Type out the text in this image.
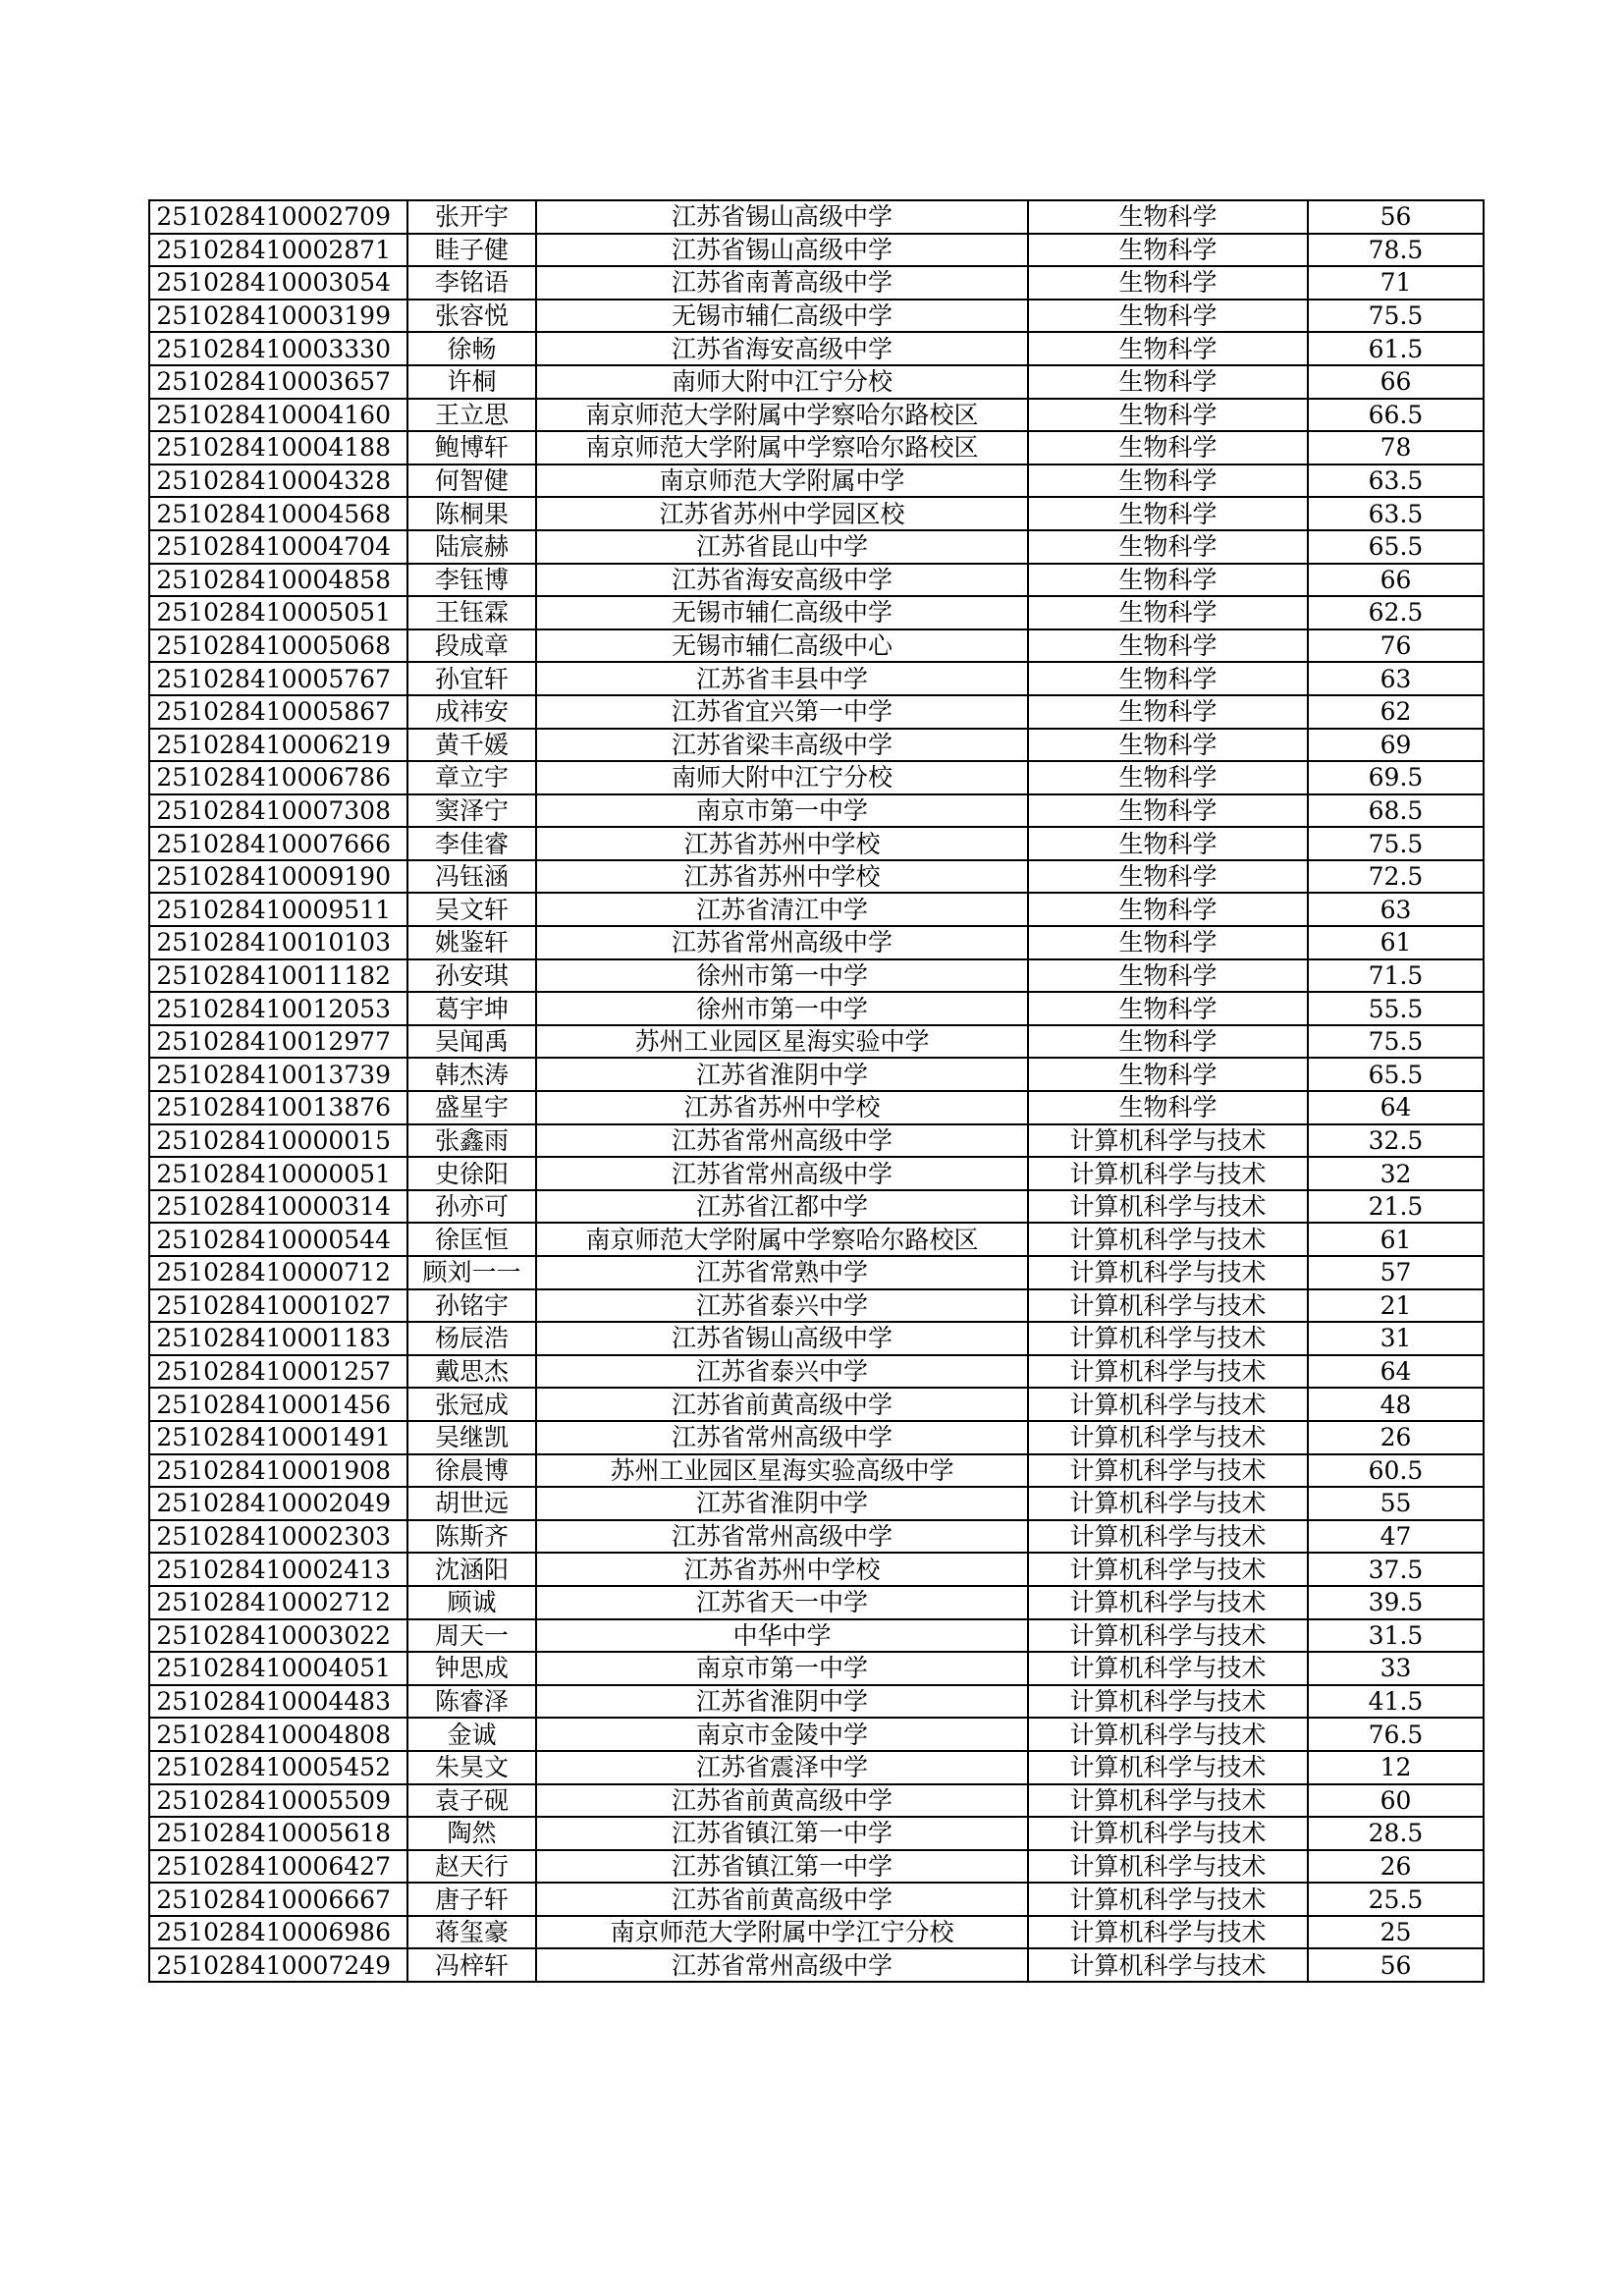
251028410002709	张开宇	江苏省锡山高级中学	生物科学	56
251028410002871	眭子健	江苏省锡山高级中学	生物科学	78.5
251028410003054	李铭语	江苏省南菁高级中学	生物科学	71
251028410003199	张容悦	无锡市辅仁高级中学	生物科学	75.5
251028410003330	徐畅	江苏省海安高级中学	生物科学	61.5
251028410003657	许桐	南师大附中江宁分校	生物科学	66
251028410004160	王立思	南京师范大学附属中学察哈尔路校区	生物科学	66.5
251028410004188	鲍博轩	南京师范大学附属中学察哈尔路校区	生物科学	78
251028410004328	何智健	南京师范大学附属中学	生物科学	63.5
251028410004568	陈桐果	江苏省苏州中学园区校	生物科学	63.5
251028410004704	陆宸赫	江苏省昆山中学	生物科学	65.5
251028410004858	李钰博	江苏省海安高级中学	生物科学	66
251028410005051	王钰霖	无锡市辅仁高级中学	生物科学	62.5
251028410005068	段成章	无锡市辅仁高级中心	生物科学	76
251028410005767	孙宜轩	江苏省丰县中学	生物科学	63
251028410005867	成祎安	江苏省宜兴第一中学	生物科学	62
251028410006219	黄千媛	江苏省梁丰高级中学	生物科学	69
251028410006786	章立宇	南师大附中江宁分校	生物科学	69.5
251028410007308	窦泽宁	南京市第一中学	生物科学	68.5
251028410007666	李佳睿	江苏省苏州中学校	生物科学	75.5
251028410009190	冯钰涵	江苏省苏州中学校	生物科学	72.5
251028410009511	吴文轩	江苏省清江中学	生物科学	63
251028410010103	姚鉴轩	江苏省常州高级中学	生物科学	61
251028410011182	孙安琪	徐州市第一中学	生物科学	71.5
251028410012053	葛宇坤	徐州市第一中学	生物科学	55.5
251028410012977	吴闻禹	苏州工业园区星海实验中学	生物科学	75.5
251028410013739	韩杰涛	江苏省淮阴中学	生物科学	65.5
251028410013876	盛星宇	江苏省苏州中学校	生物科学	64
251028410000015	张鑫雨	江苏省常州高级中学	计算机科学与技术	32.5
251028410000051	史徐阳	江苏省常州高级中学	计算机科学与技术	32
251028410000314	孙亦可	江苏省江都中学	计算机科学与技术	21.5
251028410000544	徐匡恒	南京师范大学附属中学察哈尔路校区	计算机科学与技术	61
251028410000712	顾刘一一	江苏省常熟中学	计算机科学与技术	57
251028410001027	孙铭宇	江苏省泰兴中学	计算机科学与技术	21
251028410001183	杨辰浩	江苏省锡山高级中学	计算机科学与技术	31
251028410001257	戴思杰	江苏省泰兴中学	计算机科学与技术	64
251028410001456	张冠成	江苏省前黄高级中学	计算机科学与技术	48
251028410001491	吴继凯	江苏省常州高级中学	计算机科学与技术	26
251028410001908	徐晨博	苏州工业园区星海实验高级中学	计算机科学与技术	60.5
251028410002049	胡世远	江苏省淮阴中学	计算机科学与技术	55
251028410002303	陈斯齐	江苏省常州高级中学	计算机科学与技术	47
251028410002413	沈涵阳	江苏省苏州中学校	计算机科学与技术	37.5
251028410002712	顾诚	江苏省天一中学	计算机科学与技术	39.5
251028410003022	周天一	中华中学	计算机科学与技术	31.5
251028410004051	钟思成	南京市第一中学	计算机科学与技术	33
251028410004483	陈睿泽	江苏省淮阴中学	计算机科学与技术	41.5
251028410004808	金诚	南京市金陵中学	计算机科学与技术	76.5
251028410005452	朱昊文	江苏省震泽中学	计算机科学与技术	12
251028410005509	袁子砚	江苏省前黄高级中学	计算机科学与技术	60
251028410005618	陶然	江苏省镇江第一中学	计算机科学与技术	28.5
251028410006427	赵天行	江苏省镇江第一中学	计算机科学与技术	26
251028410006667	唐子轩	江苏省前黄高级中学	计算机科学与技术	25.5
251028410006986	蒋玺豪	南京师范大学附属中学江宁分校	计算机科学与技术	25
251028410007249	冯梓轩	江苏省常州高级中学	计算机科学与技术	56
